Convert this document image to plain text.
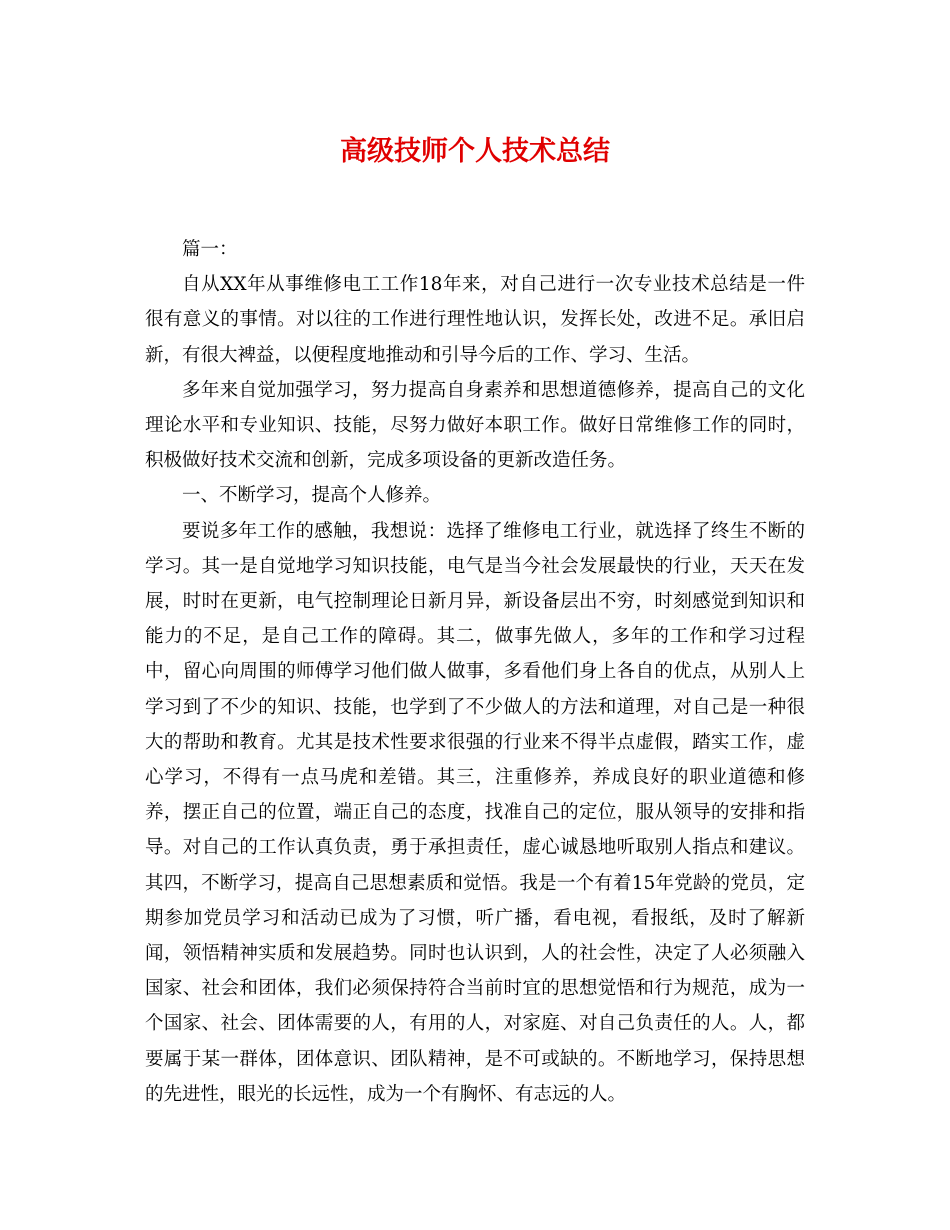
高级技师个人技术总结

篇一：

自从XX年从事维修电工工作18年来，对自己进行一次专业技术总结是一件很有意义的事情。对以往的工作进行理性地认识，发挥长处，改进不足。承旧启新，有很大裨益，以便程度地推动和引导今后的工作、学习、生活。

多年来自觉加强学习，努力提高自身素养和思想道德修养，提高自己的文化理论水平和专业知识、技能，尽努力做好本职工作。做好日常维修工作的同时，积极做好技术交流和创新，完成多项设备的更新改造任务。

一、不断学习，提高个人修养。

要说多年工作的感触，我想说：选择了维修电工行业，就选择了终生不断的学习。其一是自觉地学习知识技能，电气是当今社会发展最快的行业，天天在发展，时时在更新，电气控制理论日新月异，新设备层出不穷，时刻感觉到知识和能力的不足，是自己工作的障碍。其二，做事先做人，多年的工作和学习过程中，留心向周围的师傅学习他们做人做事，多看他们身上各自的优点，从别人上学习到了不少的知识、技能，也学到了不少做人的方法和道理，对自己是一种很大的帮助和教育。尤其是技术性要求很强的行业来不得半点虚假，踏实工作，虚心学习，不得有一点马虎和差错。其三，注重修养，养成良好的职业道德和修养，摆正自己的位置，端正自己的态度，找准自己的定位，服从领导的安排和指导。对自己的工作认真负责，勇于承担责任，虚心诚恳地听取别人指点和建议。其四，不断学习，提高自己思想素质和觉悟。我是一个有着15年党龄的党员，定期参加党员学习和活动已成为了习惯，听广播，看电视，看报纸，及时了解新闻，领悟精神实质和发展趋势。同时也认识到，人的社会性，决定了人必须融入国家、社会和团体，我们必须保持符合当前时宜的思想觉悟和行为规范，成为一个国家、社会、团体需要的人，有用的人，对家庭、对自己负责任的人。人，都要属于某一群体，团体意识、团队精神，是不可或缺的。不断地学习，保持思想的先进性，眼光的长远性，成为一个有胸怀、有志远的人。
